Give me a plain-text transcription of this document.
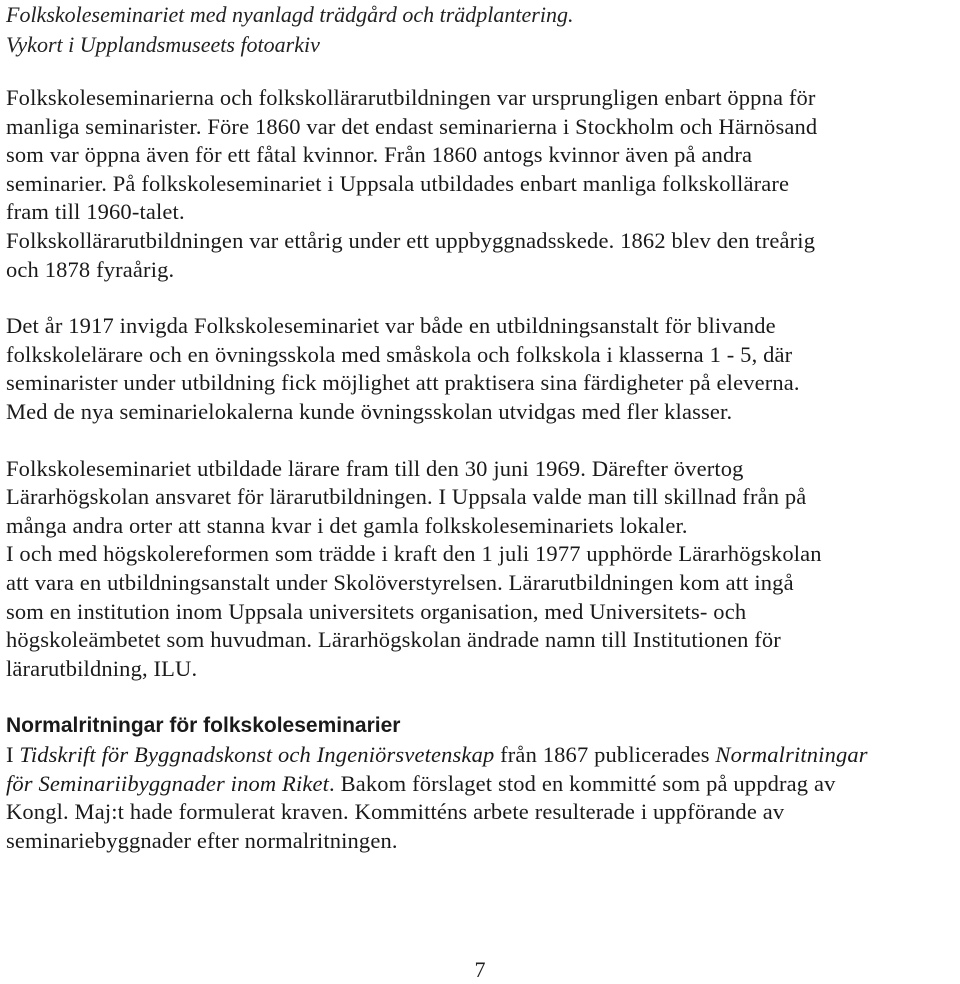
Folkskoleseminariet med nyanlagd trädgård och trädplantering.

Vykort i Upplandsmuseets fotoarkiv

Folkskoleseminarierna och folkskollärarutbildningen var ursprungligen enbart öppna för

manliga seminarister. Före 1860 var det endast seminarierna i Stockholm och Härnösand

som var öppna även för ett fåtal kvinnor. Från 1860 antogs kvinnor även på andra

seminarier. På folkskoleseminariet i Uppsala utbildades enbart manliga folkskollärare

fram till 1960-talet.

Folkskollärarutbildningen var ettårig under ett uppbyggnadsskede. 1862 blev den treårig

och 1878 fyraårig.

Det år 1917 invigda Folkskoleseminariet var både en utbildningsanstalt för blivande

folkskolelärare och en övningsskola med småskola och folkskola i klasserna 1 - 5, där

seminarister under utbildning fick möjlighet att praktisera sina färdigheter på eleverna.

Med de nya seminarielokalerna kunde övningsskolan utvidgas med fler klasser.

Folkskoleseminariet utbildade lärare fram till den 30 juni 1969. Därefter övertog

Lärarhögskolan ansvaret för lärarutbildningen. I Uppsala valde man till skillnad från på

många andra orter att stanna kvar i det gamla folkskoleseminariets lokaler.

I och med högskolereformen som trädde i kraft den 1 juli 1977 upphörde Lärarhögskolan

att vara en utbildningsanstalt under Skolöverstyrelsen. Lärarutbildningen kom att ingå

som en institution inom Uppsala universitets organisation, med Universitets- och

högskoleämbetet som huvudman. Lärarhögskolan ändrade namn till Institutionen för

lärarutbildning, ILU.

Normalritningar för folkskoleseminarier

I Tidskrift för Byggnadskonst och Ingeniörsvetenskap från 1867 publicerades Normalritningar

för Seminariibyggnader inom Riket. Bakom förslaget stod en kommitté som på uppdrag av

Kongl. Maj:t hade formulerat kraven. Kommitténs arbete resulterade i uppförande av

seminariebyggnader efter normalritningen.

7
